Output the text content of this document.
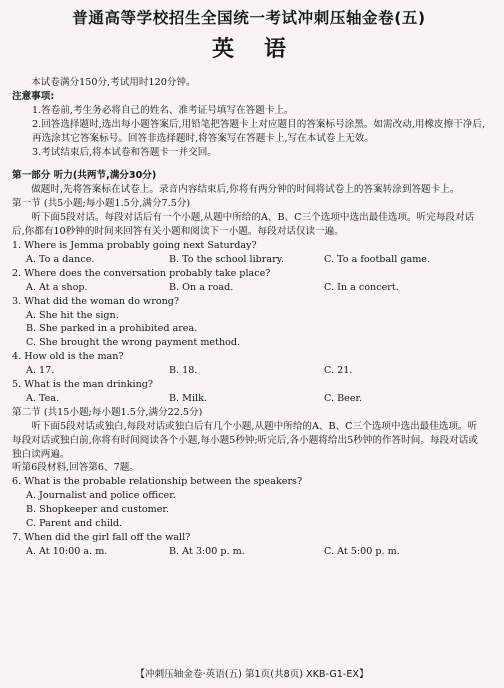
普通高等学校招生全国统一考试冲刺压轴金卷(五)
英语

本试卷满分150分,考试用时120分钟。

注意事项:

1.答卷前,考生务必将自己的姓名、准考证号填写在答题卡上。

2.回答选择题时,选出每小题答案后,用铅笔把答题卡上对应题目的答案标号涂黑。如需改动,用橡皮擦干净后,再选涂其它答案标号。回答非选择题时,将答案写在答题卡上,写在本试卷上无效。

3.考试结束后,将本试卷和答题卡一并交回。

第一部分 听力(共两节,满分30分)

做题时,先将答案标在试卷上。录音内容结束后,你将有两分钟的时间将试卷上的答案转涂到答题卡上。

第一节 (共5小题;每小题1.5分,满分7.5分)

听下面5段对话。每段对话后有一个小题,从题中所给的A、B、C三个选项中选出最佳选项。听完每段对话后,你都有10秒钟的时间来回答有关小题和阅读下一小题。每段对话仅读一遍。

1. Where is Jemma probably going next Saturday?

A. To a dance.	B. To the school library.	C. To a football game.

2. Where does the conversation probably take place?

A. At a shop.	B. On a road.	C. In a concert.

3. What did the woman do wrong?

A. She hit the sign.

B. She parked in a prohibited area.

C. She brought the wrong payment method.

4. How old is the man?

A. 17.	B. 18.	C. 21.

5. What is the man drinking?

A. Tea.	B. Milk.	C. Beer.

第二节 (共15小题;每小题1.5分,满分22.5分)

听下面5段对话或独白,每段对话或独白后有几个小题,从题中所给的A、B、C三个选项中选出最佳选项。听每段对话或独白前,你将有时间阅读各个小题,每小题5秒钟;听完后,各小题将给出5秒钟的作答时间。每段对话或独白读两遍。

听第6段材料,回答第6、7题。

6. What is the probable relationship between the speakers?

A. Journalist and police officer.

B. Shopkeeper and customer.

C. Parent and child.

7. When did the girl fall off the wall?

A. At 10:00 a. m.	B. At 3:00 p. m.	C. At 5:00 p. m.
【冲刺压轴金卷·英语(五) 第1页(共8页) XKB-G1-EX】
